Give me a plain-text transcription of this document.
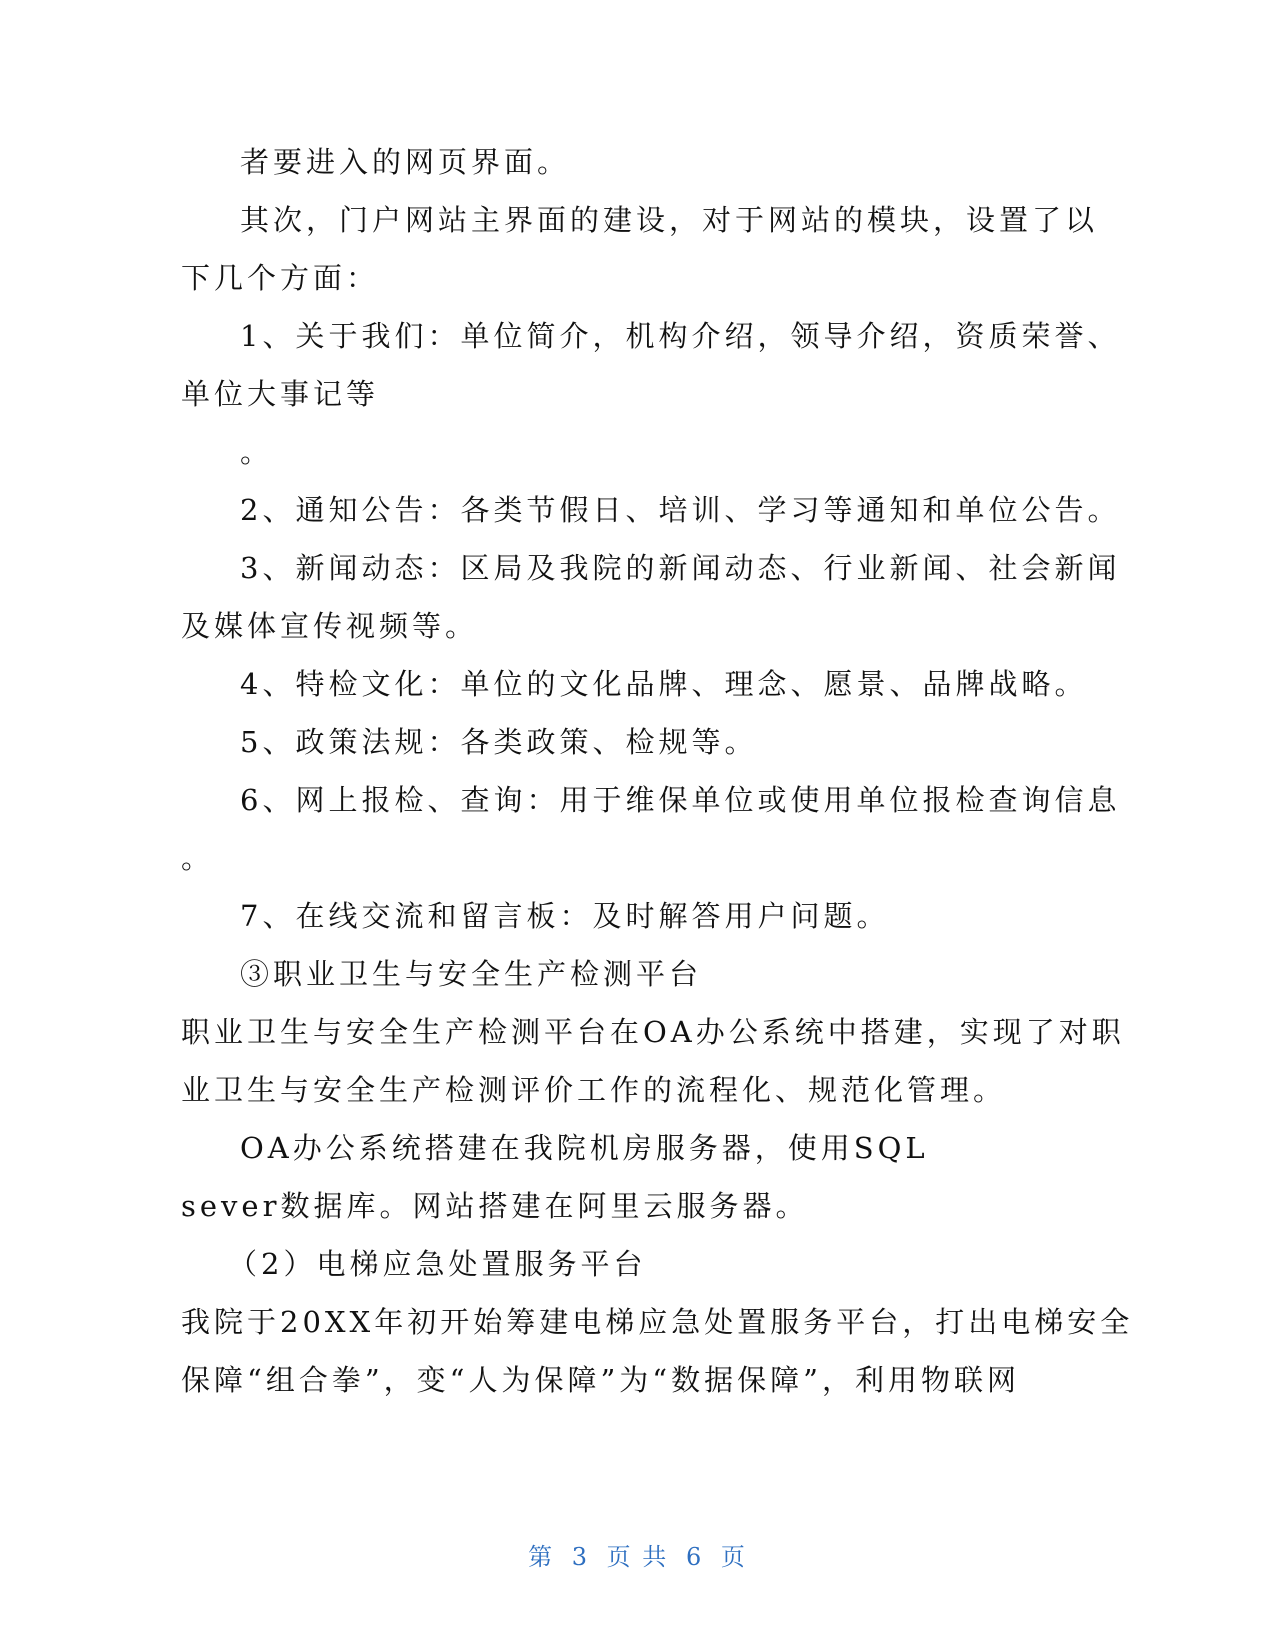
者要进入的网页界面。
其次，门户网站主界面的建设，对于网站的模块，设置了以
下几个方面：
1、关于我们：单位简介，机构介绍，领导介绍，资质荣誉、
单位大事记等
。
2、通知公告：各类节假日、培训、学习等通知和单位公告。
3、新闻动态：区局及我院的新闻动态、行业新闻、社会新闻
及媒体宣传视频等。
4、特检文化：单位的文化品牌、理念、愿景、品牌战略。
5、政策法规：各类政策、检规等。
6、网上报检、查询：用于维保单位或使用单位报检查询信息
。
7、在线交流和留言板：及时解答用户问题。
③职业卫生与安全生产检测平台
职业卫生与安全生产检测平台在OA办公系统中搭建，实现了对职
业卫生与安全生产检测评价工作的流程化、规范化管理。
OA办公系统搭建在我院机房服务器，使用SQL
sever数据库。网站搭建在阿里云服务器。
（2）电梯应急处置服务平台
我院于20XX年初开始筹建电梯应急处置服务平台，打出电梯安全
保障“组合拳”，变“人为保障”为“数据保障”，利用物联网
第 3 页 共 6 页
